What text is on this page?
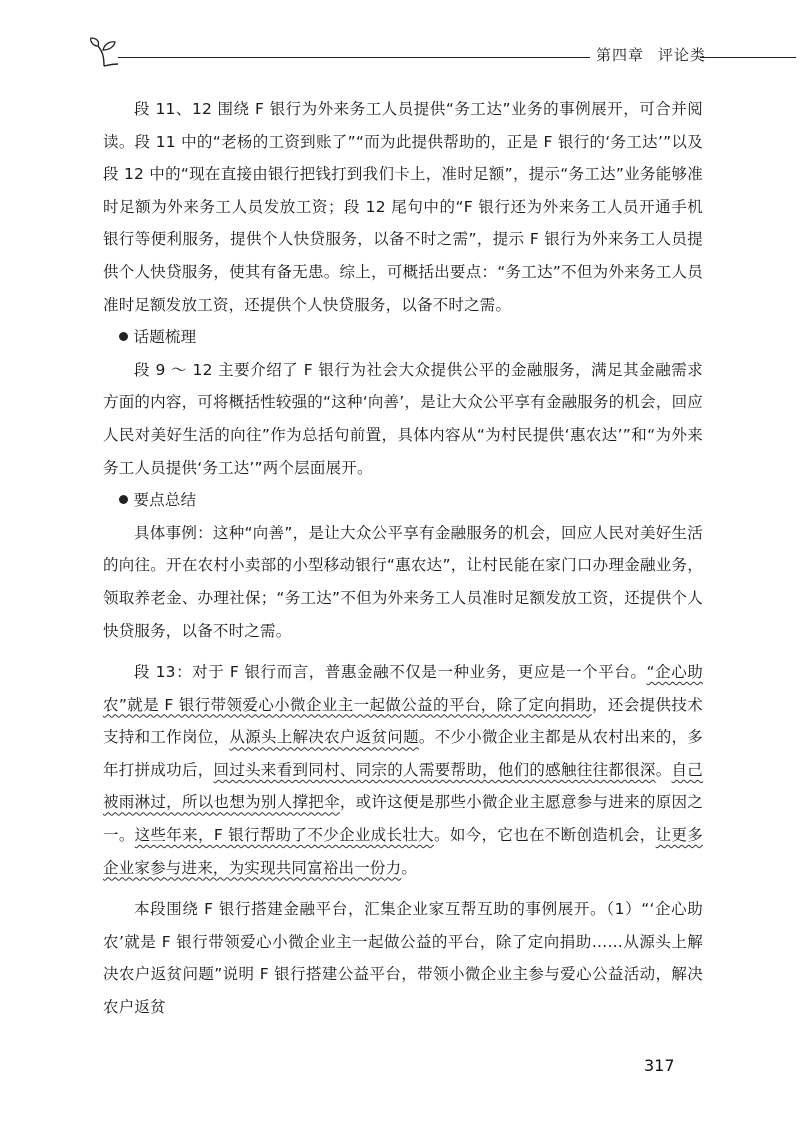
第四章 评论类

段 11、12 围绕 F 银行为外来务工人员提供“务工达”业务的事例展开，可合并阅读。段 11 中的“老杨的工资到账了”“而为此提供帮助的，正是 F 银行的‘务工达’”以及段 12 中的“现在直接由银行把钱打到我们卡上，准时足额”，提示“务工达”业务能够准时足额为外来务工人员发放工资；段 12 尾句中的“F 银行还为外来务工人员开通手机银行等便利服务，提供个人快贷服务，以备不时之需”，提示 F 银行为外来务工人员提供个人快贷服务，使其有备无患。综上，可概括出要点：“务工达”不但为外来务工人员准时足额发放工资，还提供个人快贷服务，以备不时之需。

话题梳理

段 9 ～ 12 主要介绍了 F 银行为社会大众提供公平的金融服务，满足其金融需求方面的内容，可将概括性较强的“这种‘向善’，是让大众公平享有金融服务的机会，回应人民对美好生活的向往”作为总括句前置，具体内容从“为村民提供‘惠农达’”和“为外来务工人员提供‘务工达’”两个层面展开。

要点总结

具体事例：这种“向善”，是让大众公平享有金融服务的机会，回应人民对美好生活的向往。开在农村小卖部的小型移动银行“惠农达”，让村民能在家门口办理金融业务，领取养老金、办理社保；“务工达”不但为外来务工人员准时足额发放工资，还提供个人快贷服务，以备不时之需。

段 13：对于 F 银行而言，普惠金融不仅是一种业务，更应是一个平台。“企心助农”就是 F 银行带领爱心小微企业主一起做公益的平台，除了定向捐助，还会提供技术支持和工作岗位，从源头上解决农户返贫问题。不少小微企业主都是从农村出来的，多年打拼成功后，回过头来看到同村、同宗的人需要帮助，他们的感触往往都很深。自己被雨淋过，所以也想为别人撑把伞，或许这便是那些小微企业主愿意参与进来的原因之一。这些年来，F 银行帮助了不少企业成长壮大。如今，它也在不断创造机会，让更多企业家参与进来，为实现共同富裕出一份力。

本段围绕 F 银行搭建金融平台，汇集企业家互帮互助的事例展开。（1）“‘企心助农’就是 F 银行带领爱心小微企业主一起做公益的平台，除了定向捐助……从源头上解决农户返贫问题”说明 F 银行搭建公益平台，带领小微企业主参与爱心公益活动，解决农户返贫

317
